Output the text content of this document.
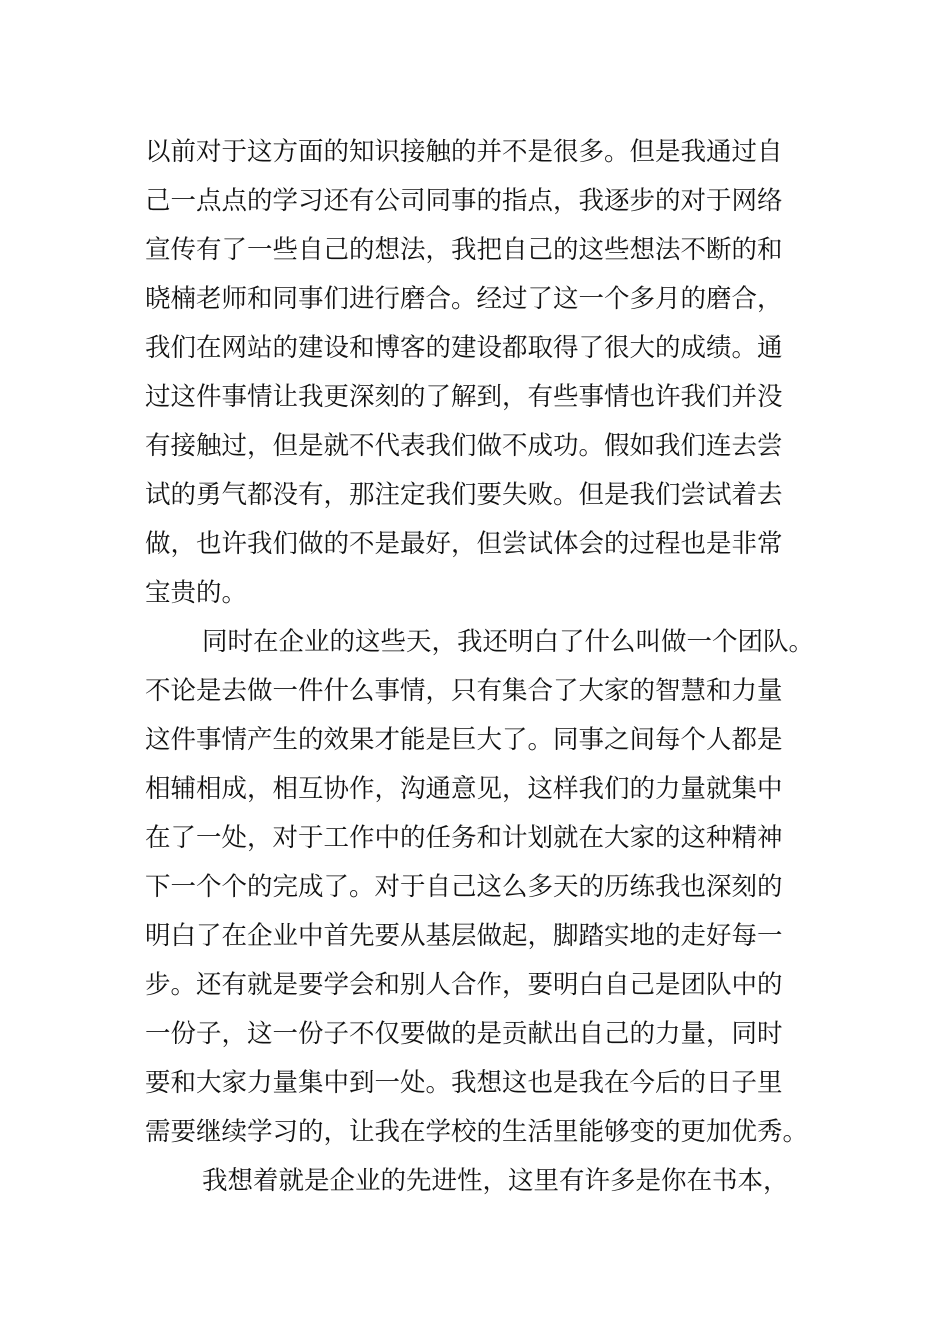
以前对于这方面的知识接触的并不是很多。但是我通过自
己一点点的学习还有公司同事的指点，我逐步的对于网络
宣传有了一些自己的想法，我把自己的这些想法不断的和
晓楠老师和同事们进行磨合。经过了这一个多月的磨合，
我们在网站的建设和博客的建设都取得了很大的成绩。通
过这件事情让我更深刻的了解到，有些事情也许我们并没
有接触过，但是就不代表我们做不成功。假如我们连去尝
试的勇气都没有，那注定我们要失败。但是我们尝试着去
做，也许我们做的不是最好，但尝试体会的过程也是非常
宝贵的。
同时在企业的这些天，我还明白了什么叫做一个团队。
不论是去做一件什么事情，只有集合了大家的智慧和力量
这件事情产生的效果才能是巨大了。同事之间每个人都是
相辅相成，相互协作，沟通意见，这样我们的力量就集中
在了一处，对于工作中的任务和计划就在大家的这种精神
下一个个的完成了。对于自己这么多天的历练我也深刻的
明白了在企业中首先要从基层做起，脚踏实地的走好每一
步。还有就是要学会和别人合作，要明白自己是团队中的
一份子，这一份子不仅要做的是贡献出自己的力量，同时
要和大家力量集中到一处。我想这也是我在今后的日子里
需要继续学习的，让我在学校的生活里能够变的更加优秀。
我想着就是企业的先进性，这里有许多是你在书本，
